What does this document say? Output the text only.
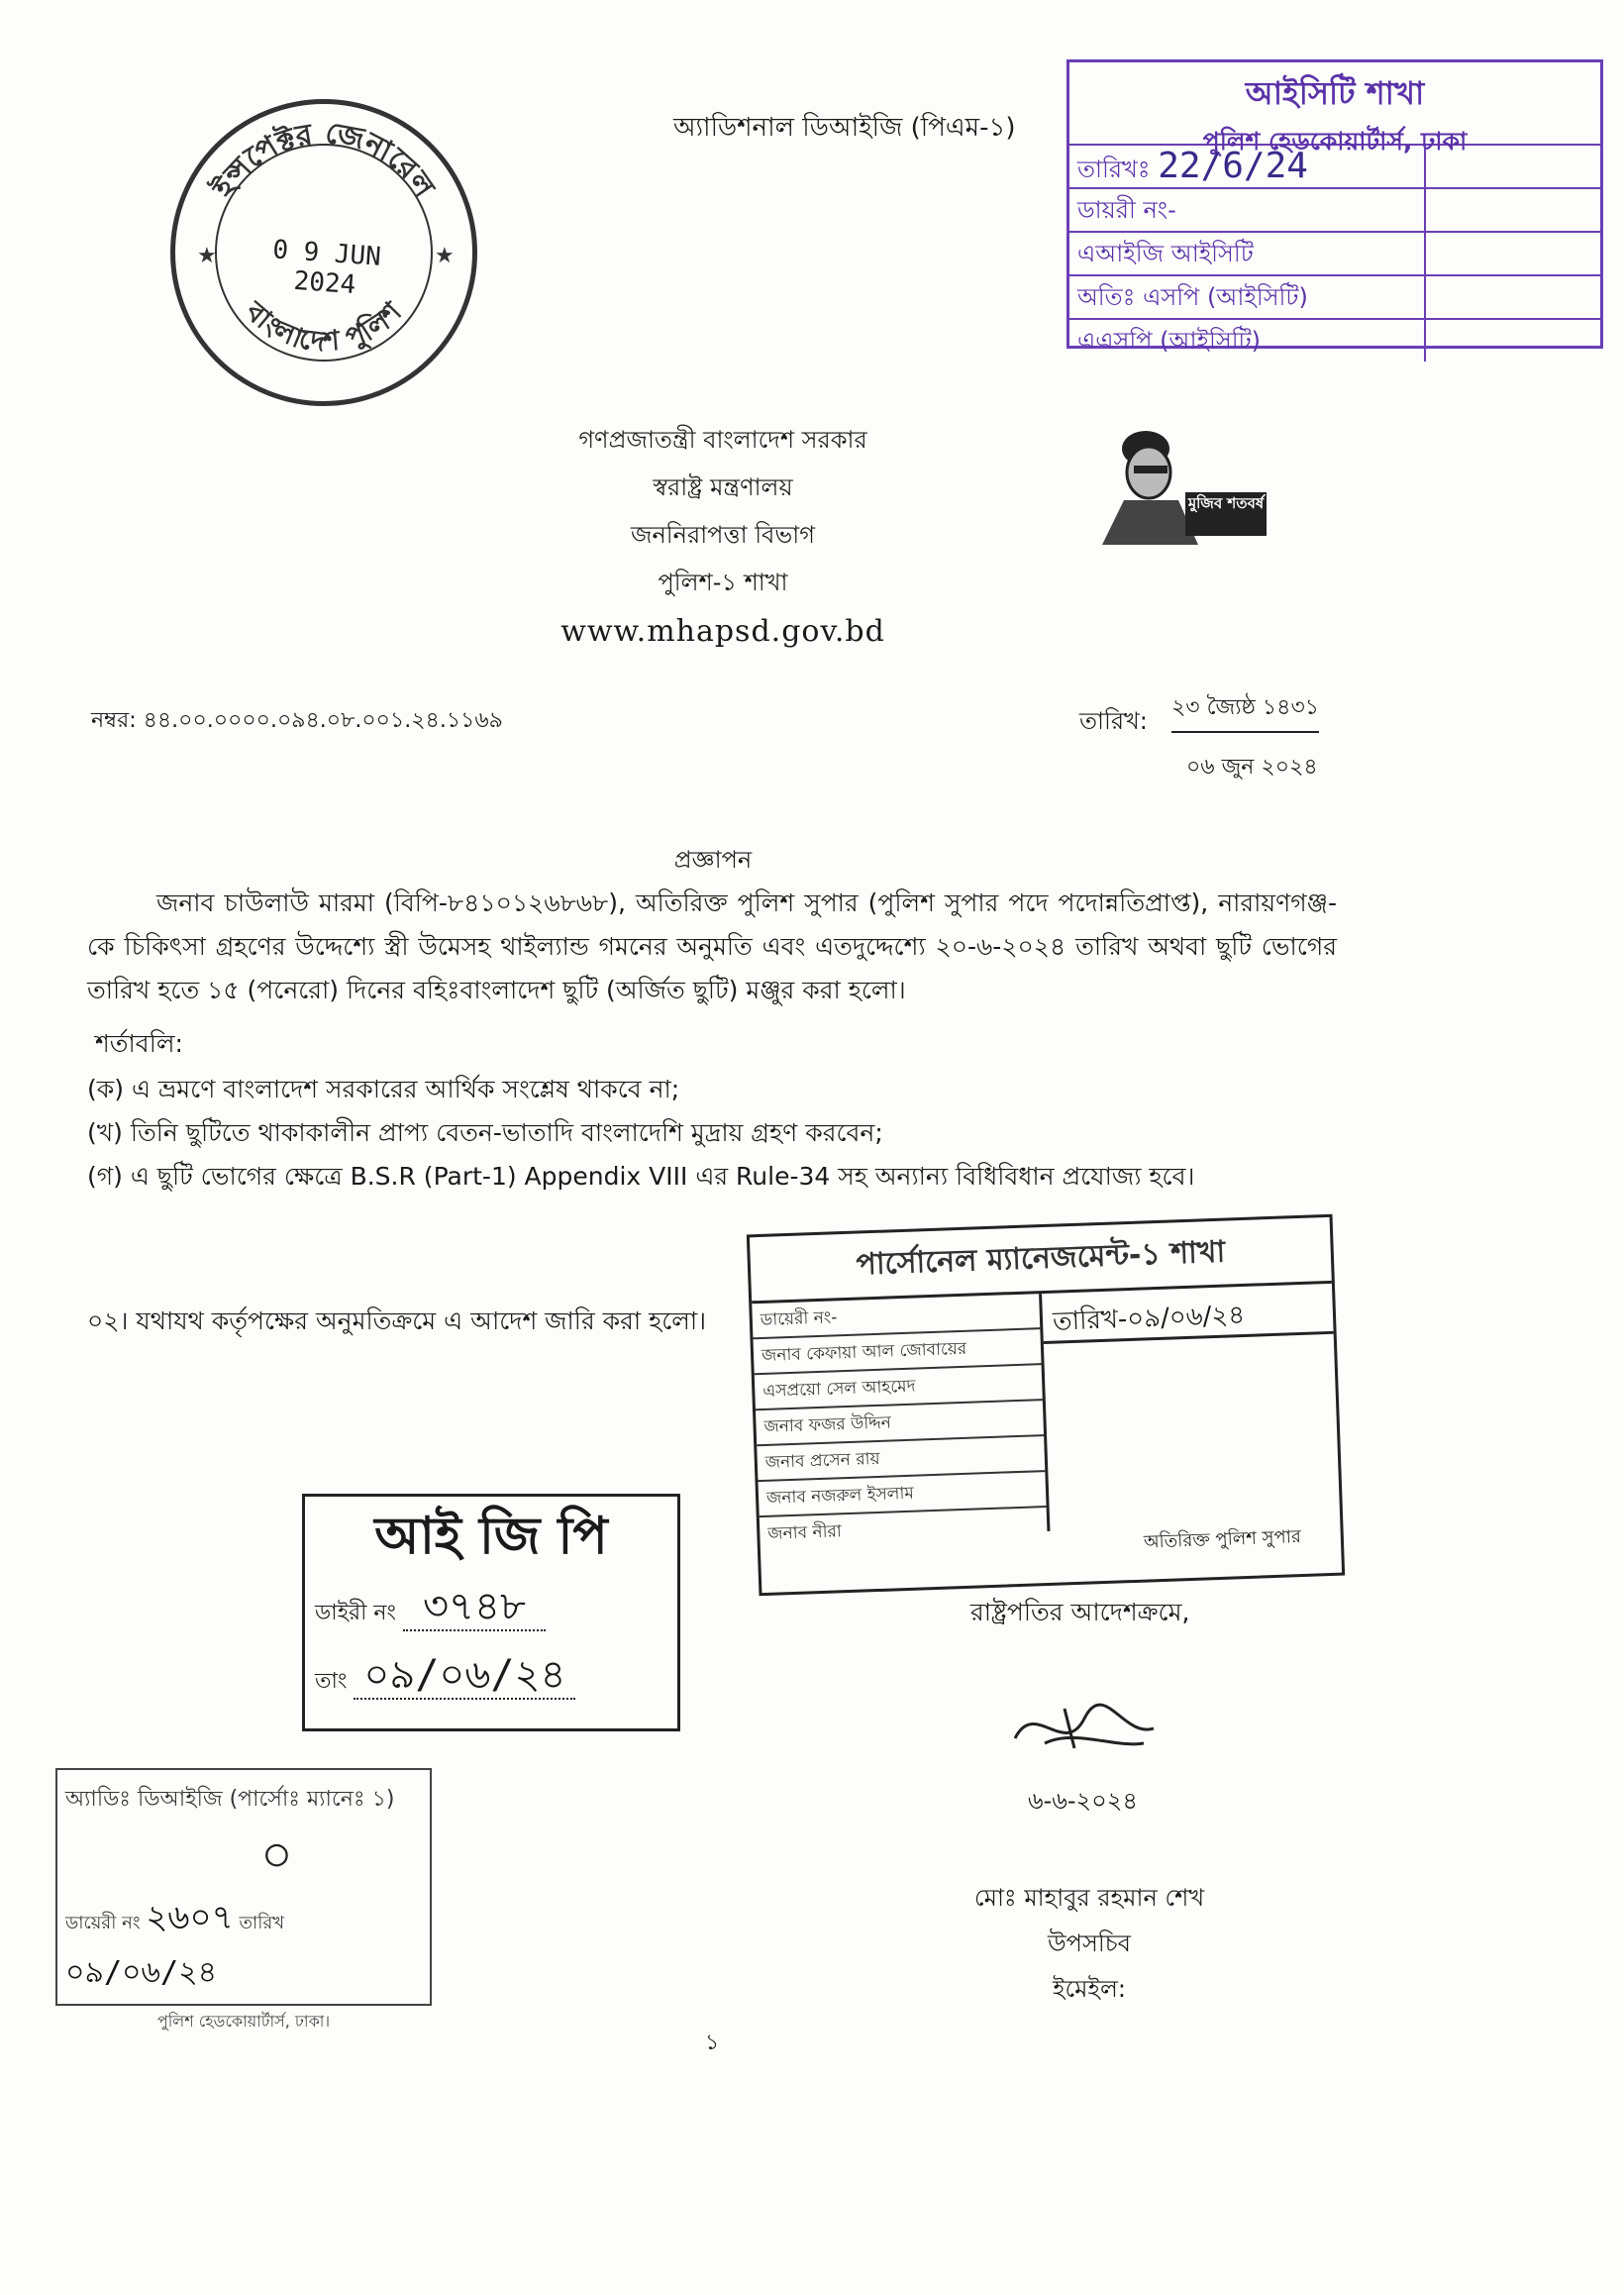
অ্যাডিশনাল ডিআইজি (পিএম-১)
ইন্সপেক্টর জেনারেল
বাংলাদেশ পুলিশ
★	★
0 9 JUN 2024
আইসিটি শাখা
পুলিশ হেডকোয়ার্টার্স, ঢাকা
তারিখঃ 22/6/24
ডায়রী নং-
এআইজি আইসিটি
অতিঃ এসপি (আইসিটি)
এএসপি (আইসিটি)
গণপ্রজাতন্ত্রী বাংলাদেশ সরকার
স্বরাষ্ট্র মন্ত্রণালয়
জননিরাপত্তা বিভাগ
পুলিশ-১ শাখা
www.mhapsd.gov.bd
মুজিব শতবর্ষ
নম্বর: ৪৪.০০.০০০০.০৯৪.০৮.০০১.২৪.১১৬৯	তারিখ: ২৩ জ্যৈষ্ঠ ১৪৩১
০৬ জুন ২০২৪
প্রজ্ঞাপন
জনাব চাউলাউ মারমা (বিপি-৮৪১০১২৬৮৬৮), অতিরিক্ত পুলিশ সুপার (পুলিশ সুপার পদে পদোন্নতিপ্রাপ্ত), নারায়ণগঞ্জ-কে চিকিৎসা গ্রহণের উদ্দেশ্যে স্ত্রী উমেসহ থাইল্যান্ড গমনের অনুমতি এবং এতদুদ্দেশ্যে ২০-৬-২০২৪ তারিখ অথবা ছুটি ভোগের তারিখ হতে ১৫ (পনেরো) দিনের বহিঃবাংলাদেশ ছুটি (অর্জিত ছুটি) মঞ্জুর করা হলো।
শর্তাবলি:
(ক) এ ভ্রমণে বাংলাদেশ সরকারের আর্থিক সংশ্লেষ থাকবে না;
(খ) তিনি ছুটিতে থাকাকালীন প্রাপ্য বেতন-ভাতাদি বাংলাদেশি মুদ্রায় গ্রহণ করবেন;
(গ) এ ছুটি ভোগের ক্ষেত্রে B.S.R (Part-1) Appendix VIII এর Rule-34 সহ অন্যান্য বিধিবিধান প্রযোজ্য হবে।
০২। যথাযথ কর্তৃপক্ষের অনুমতিক্রমে এ আদেশ জারি করা হলো।
পার্সোনেল ম্যানেজমেন্ট-১ শাখা
ডায়েরী নং-
জনাব কেফায়া আল জোবায়ের
এসপ্রয়ো সেল আহমেদ
জনাব ফজর উদ্দিন
জনাব প্রসেন রায়
জনাব নজরুল ইসলাম
জনাব নীরা
তারিখ-০৯/০৬/২৪
অতিরিক্ত পুলিশ সুপার
আই জি পি
ডাইরী নং ৩৭৪৮
তাং ০৯/০৬/২৪
রাষ্ট্রপতির আদেশক্রমে,
৬-৬-২০২৪
মোঃ মাহাবুর রহমান শেখ
উপসচিব
ইমেইল:
অ্যাডিঃ ডিআইজি (পার্সোঃ ম্যানেঃ ১)
○
ডায়েরী নং ২৬০৭ তারিখ ০৯/০৬/২৪
পুলিশ হেডকোয়ার্টার্স, ঢাকা।
১
